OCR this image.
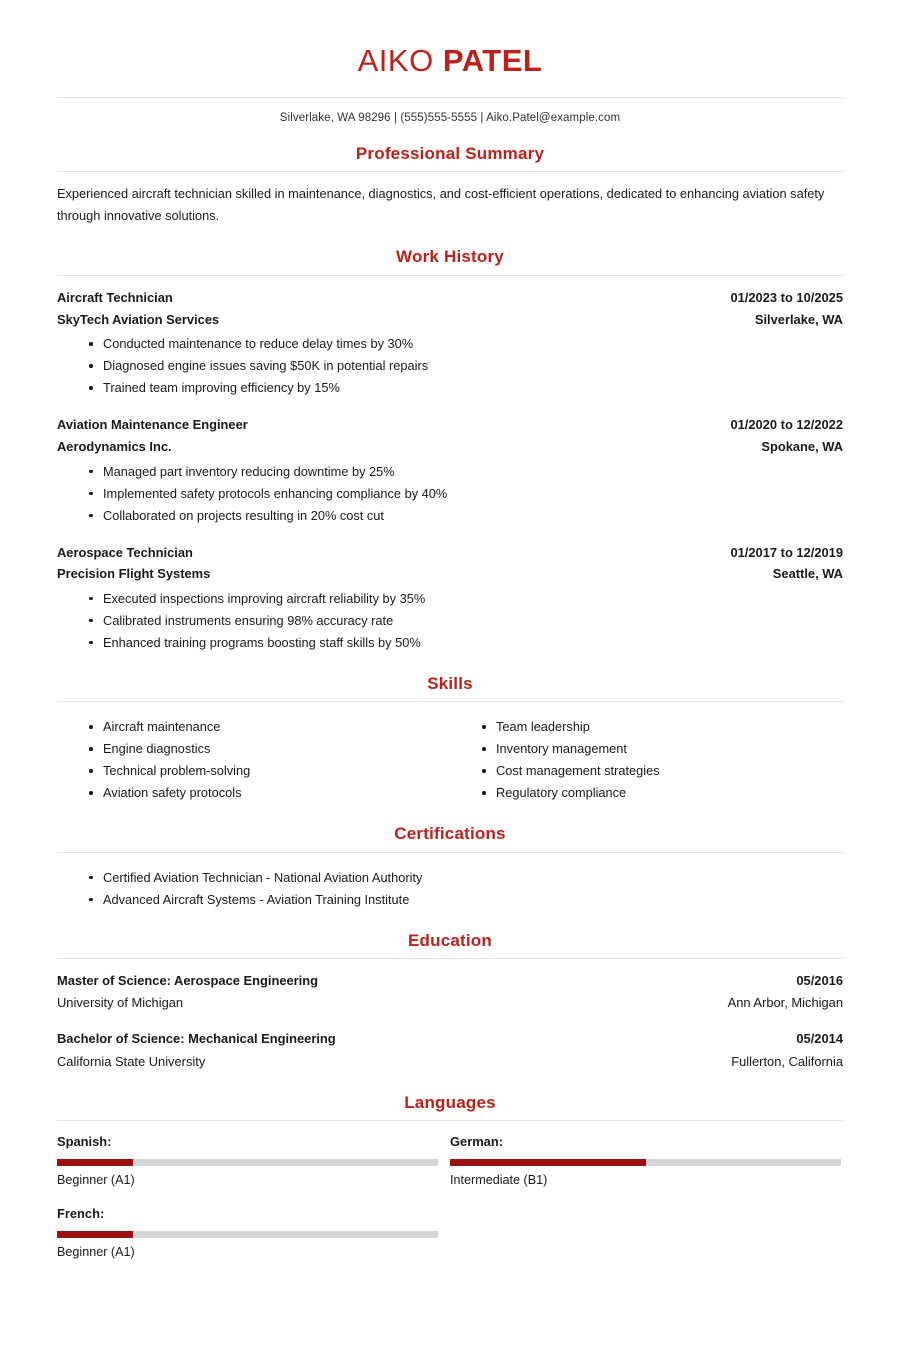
AIKO PATEL
Silverlake, WA 98296 | (555)555-5555 | Aiko.Patel@example.com
Professional Summary

Experienced aircraft technician skilled in maintenance, diagnostics, and cost-efficient operations, dedicated to enhancing aviation safety through innovative solutions.

Work History
Aircraft Technician	01/2023 to 10/2025
SkyTech Aviation Services	Silverlake, WA
Conducted maintenance to reduce delay times by 30%
Diagnosed engine issues saving $50K in potential repairs
Trained team improving efficiency by 15%
Aviation Maintenance Engineer	01/2020 to 12/2022
Aerodynamics Inc.	Spokane, WA
Managed part inventory reducing downtime by 25%
Implemented safety protocols enhancing compliance by 40%
Collaborated on projects resulting in 20% cost cut
Aerospace Technician	01/2017 to 12/2019
Precision Flight Systems	Seattle, WA
Executed inspections improving aircraft reliability by 35%
Calibrated instruments ensuring 98% accuracy rate
Enhanced training programs boosting staff skills by 50%
Skills
Aircraft maintenance
Engine diagnostics
Technical problem-solving
Aviation safety protocols
Team leadership
Inventory management
Cost management strategies
Regulatory compliance
Certifications
Certified Aviation Technician - National Aviation Authority
Advanced Aircraft Systems - Aviation Training Institute
Education
Master of Science: Aerospace Engineering	05/2016
University of Michigan	Ann Arbor, Michigan
Bachelor of Science: Mechanical Engineering	05/2014
California State University	Fullerton, California
Languages
Spanish:
Beginner (A1)
German:
Intermediate (B1)
French:
Beginner (A1)
